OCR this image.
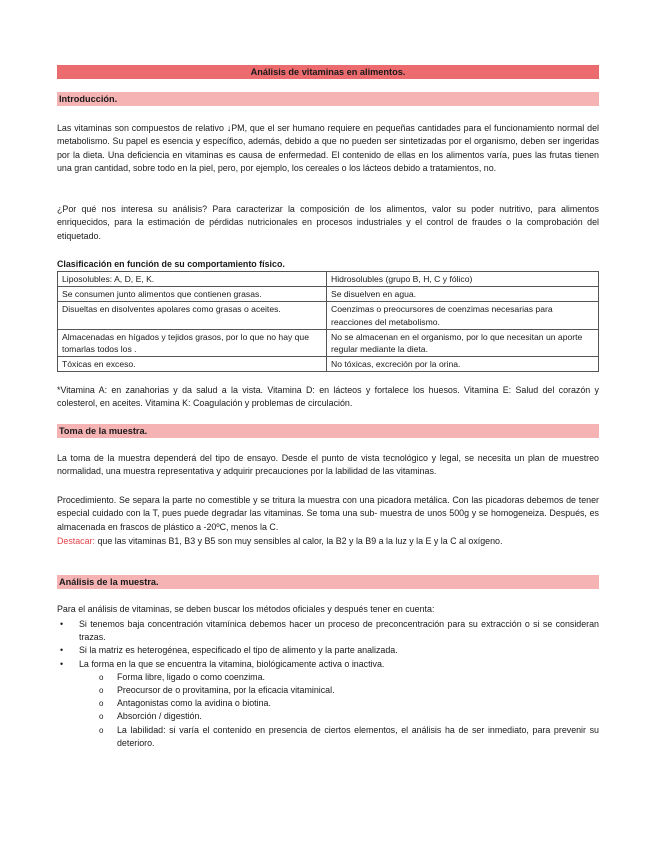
Análisis de vitaminas en alimentos.
Introducción.

Las vitaminas son compuestos de relativo ↓PM, que el ser humano requiere en pequeñas cantidades para el funcionamiento normal del metabolismo. Su papel es esencia y específico, además, debido a que no pueden ser sintetizadas por el organismo, deben ser ingeridas por la dieta. Una deficiencia en vitaminas es causa de enfermedad. El contenido de ellas en los alimentos varía, pues las frutas tienen una gran cantidad, sobre todo en la piel, pero, por ejemplo, los cereales o los lácteos debido a tratamientos, no.

¿Por qué nos interesa su análisis? Para caracterizar la composición de los alimentos, valor su poder nutritivo, para alimentos enriquecidos, para la estimación de pérdidas nutricionales en procesos industriales y el control de fraudes o la comprobación del etiquetado.

Clasificación en función de su comportamiento físico.
Liposolubles: A, D, E, K.	Hidrosolubles (grupo B, H, C y fólico)
Se consumen junto alimentos que contienen grasas.	Se disuelven en agua.
Disueltas en disolventes apolares como grasas o aceites.	Coenzimas o preocursores de coenzimas necesarias para reacciones del metabolismo.
Almacenadas en hígados y tejidos grasos, por lo que no hay que tomarlas todos los .	No se almacenan en el organismo, por lo que necesitan un aporte regular mediante la dieta.
Tóxicas en exceso.	No tóxicas, excreción por la orina.

*Vitamina A: en zanahorias y da salud a la vista. Vitamina D: en lácteos y fortalece los huesos. Vitamina E: Salud del corazón y colesterol, en aceites. Vitamina K: Coagulación y problemas de circulación.

Toma de la muestra.

La toma de la muestra dependerá del tipo de ensayo. Desde el punto de vista tecnológico y legal, se necesita un plan de muestreo normalidad, una muestra representativa y adquirir precauciones por la labilidad de las vitaminas.

Procedimiento. Se separa la parte no comestible y se tritura la muestra con una picadora metálica. Con las picadoras debemos de tener especial cuidado con la T, pues puede degradar las vitaminas. Se toma una sub- muestra de unos 500g y se homogeneiza. Después, es almacenada en frascos de plástico a -20ºC, menos la C.

Destacar: que las vitaminas B1, B3 y B5 son muy sensibles al calor, la B2 y la B9 a la luz y la E y la C al oxígeno.

Análisis de la muestra.

Para el análisis de vitaminas, se deben buscar los métodos oficiales y después tener en cuenta:

• Si tenemos baja concentración vitamínica debemos hacer un proceso de preconcentración para su extracción o si se consideran trazas.
• Si la matriz es heterogénea, especificado el tipo de alimento y la parte analizada.
• La forma en la que se encuentra la vitamina, biológicamente activa o inactiva.
o Forma libre, ligado o como coenzima.
o Preocursor de o provitamina, por la eficacia vitaminical.
o Antagonistas como la avidina o biotina.
o Absorción / digestión.
o La labilidad: si varía el contenido en presencia de ciertos elementos, el análisis ha de ser inmediato, para prevenir su deterioro.
